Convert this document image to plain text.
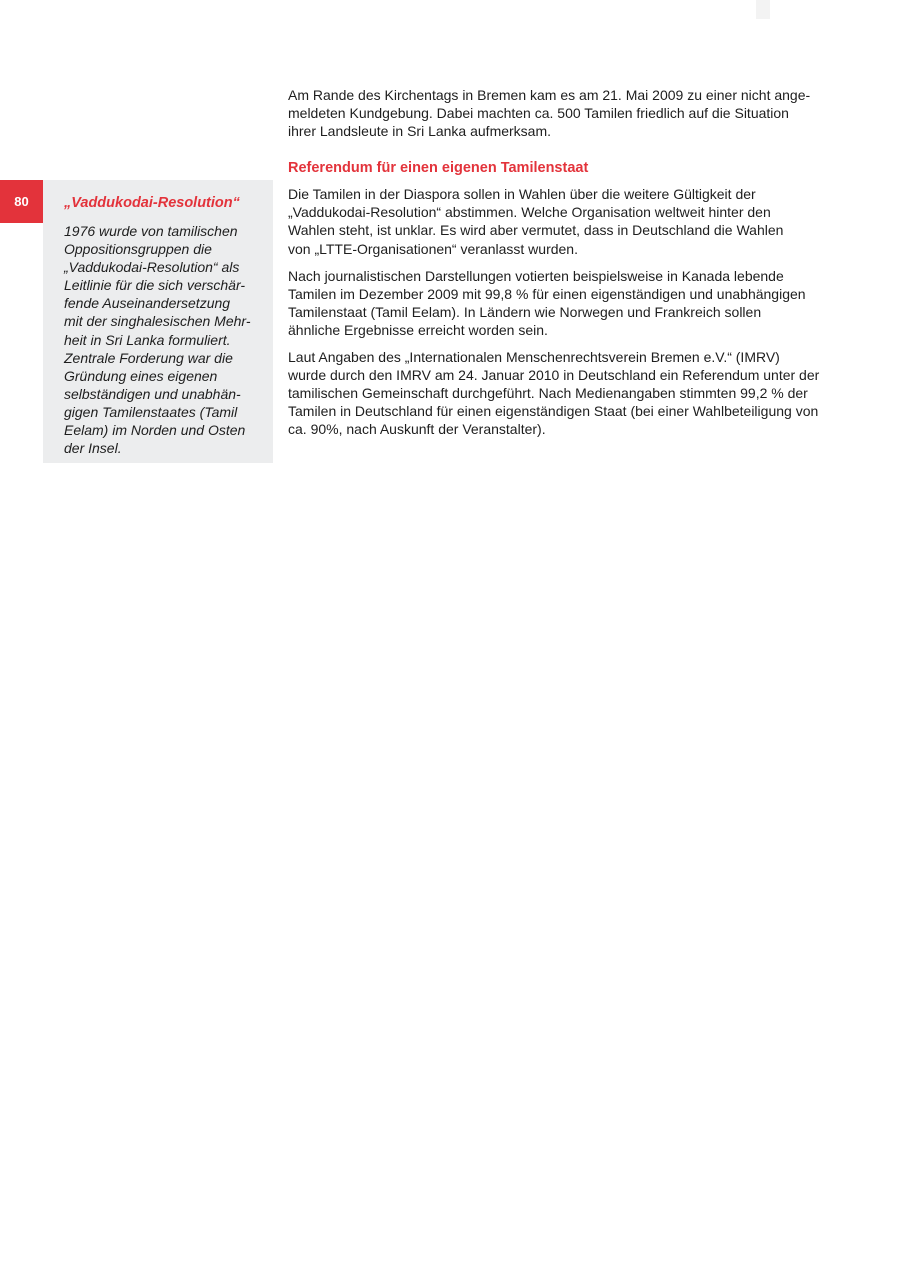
80	„Vaddukodai-Resolution“

1976 wurde von tamilischen
Oppositionsgruppen die
„Vaddukodai-Resolution“ als
Leitlinie für die sich verschär-
fende Auseinandersetzung
mit der singhalesischen Mehr-
heit in Sri Lanka formuliert.
Zentrale Forderung war die
Gründung eines eigenen
selbständigen und unabhän-
gigen Tamilenstaates (Tamil
Eelam) im Norden und Osten
der Insel.

Am Rande des Kirchentags in Bremen kam es am 21. Mai 2009 zu einer nicht ange-
meldeten Kundgebung. Dabei machten ca. 500 Tamilen friedlich auf die Situation
ihrer Landsleute in Sri Lanka aufmerksam.

Referendum für einen eigenen Tamilenstaat

Die Tamilen in der Diaspora sollen in Wahlen über die weitere Gültigkeit der
„Vaddukodai-Resolution“ abstimmen. Welche Organisation weltweit hinter den
Wahlen steht, ist unklar. Es wird aber vermutet, dass in Deutschland die Wahlen
von „LTTE-Organisationen“ veranlasst wurden.

Nach journalistischen Darstellungen votierten beispielsweise in Kanada lebende
Tamilen im Dezember 2009 mit 99,8 % für einen eigenständigen und unabhängigen
Tamilenstaat (Tamil Eelam). In Ländern wie Norwegen und Frankreich sollen
ähnliche Ergebnisse erreicht worden sein.

Laut Angaben des „Internationalen Menschenrechtsverein Bremen e.V.“ (IMRV)
wurde durch den IMRV am 24. Januar 2010 in Deutschland ein Referendum unter der
tamilischen Gemeinschaft durchgeführt. Nach Medienangaben stimmten 99,2 % der
Tamilen in Deutschland für einen eigenständigen Staat (bei einer Wahlbeteiligung von
ca. 90%, nach Auskunft der Veranstalter).
